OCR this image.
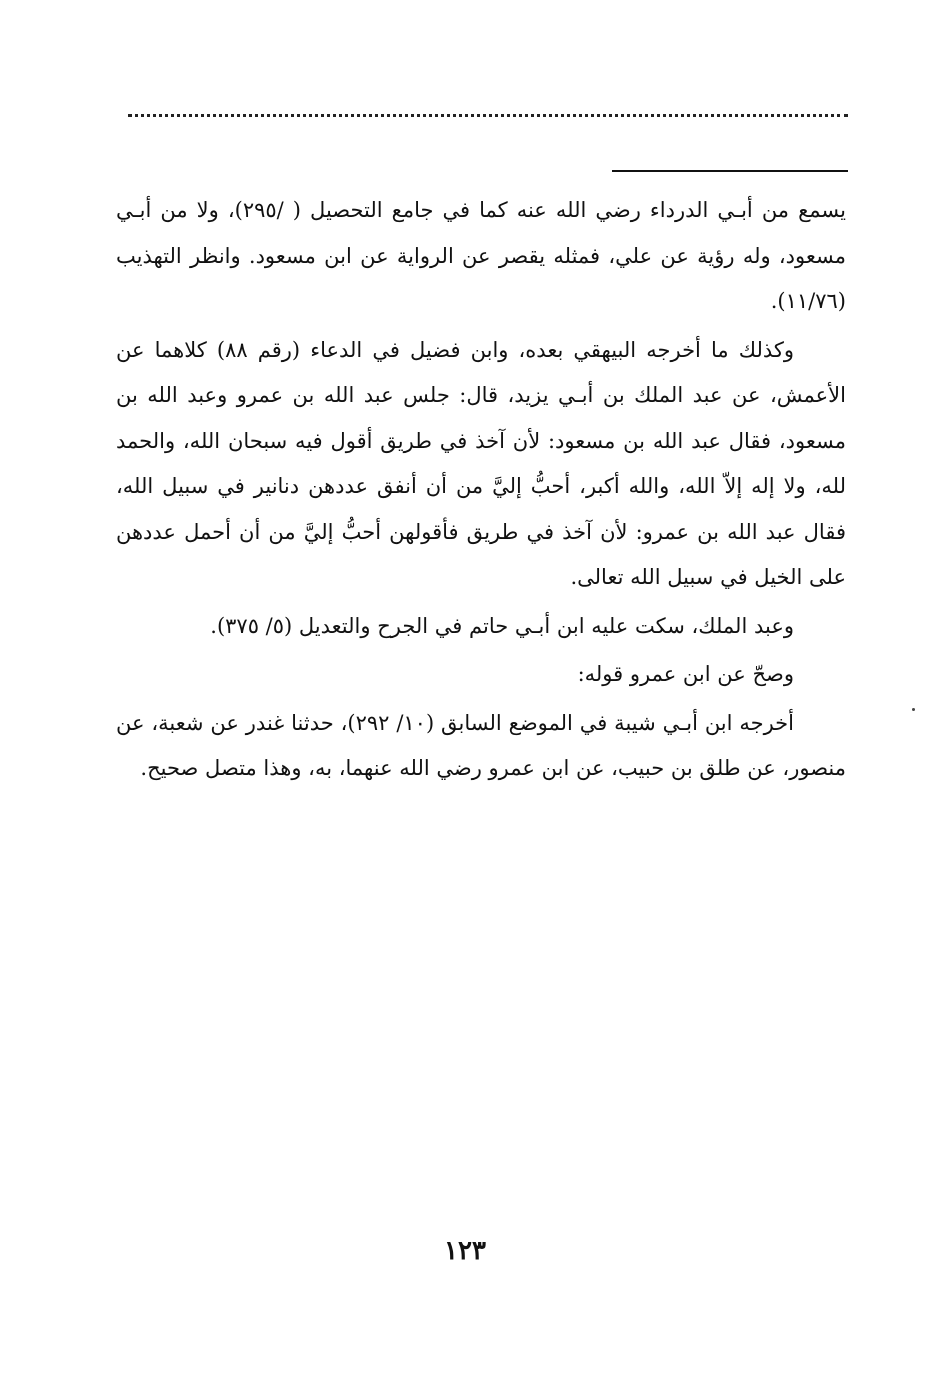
يسمع من أبـي الدرداء رضي الله عنه كما في جامع التحصيل ( /٢٩٥)، ولا من أبـي مسعود، وله رؤية عن علي، فمثله يقصر عن الرواية عن ابن مسعود. وانظر التهذيب (١١/٧٦).

وكذلك ما أخرجه البيهقي بعده، وابن فضيل في الدعاء (رقم ٨٨) كلاهما عن الأعمش، عن عبد الملك بن أبـي يزيد، قال: جلس عبد الله بن عمرو وعبد الله بن مسعود، فقال عبد الله بن مسعود: لأن آخذ في طريق أقول فيه سبحان الله، والحمد لله، ولا إله إلاّ الله، والله أكبر، أحبُّ إليَّ من أن أنفق عددهن دنانير في سبيل الله، فقال عبد الله بن عمرو: لأن آخذ في طريق فأقولهن أحبُّ إليَّ من أن أحمل عددهن على الخيل في سبيل الله تعالى.

وعبد الملك، سكت عليه ابن أبـي حاتم في الجرح والتعديل (٥/ ٣٧٥).

وصحّ عن ابن عمرو قوله:

أخرجه ابن أبـي شيبة في الموضع السابق (١٠/ ٢٩٢)، حدثنا غندر عن شعبة، عن منصور، عن طلق بن حبيب، عن ابن عمرو رضي الله عنهما، به، وهذا متصل صحيح.

١٢٣
